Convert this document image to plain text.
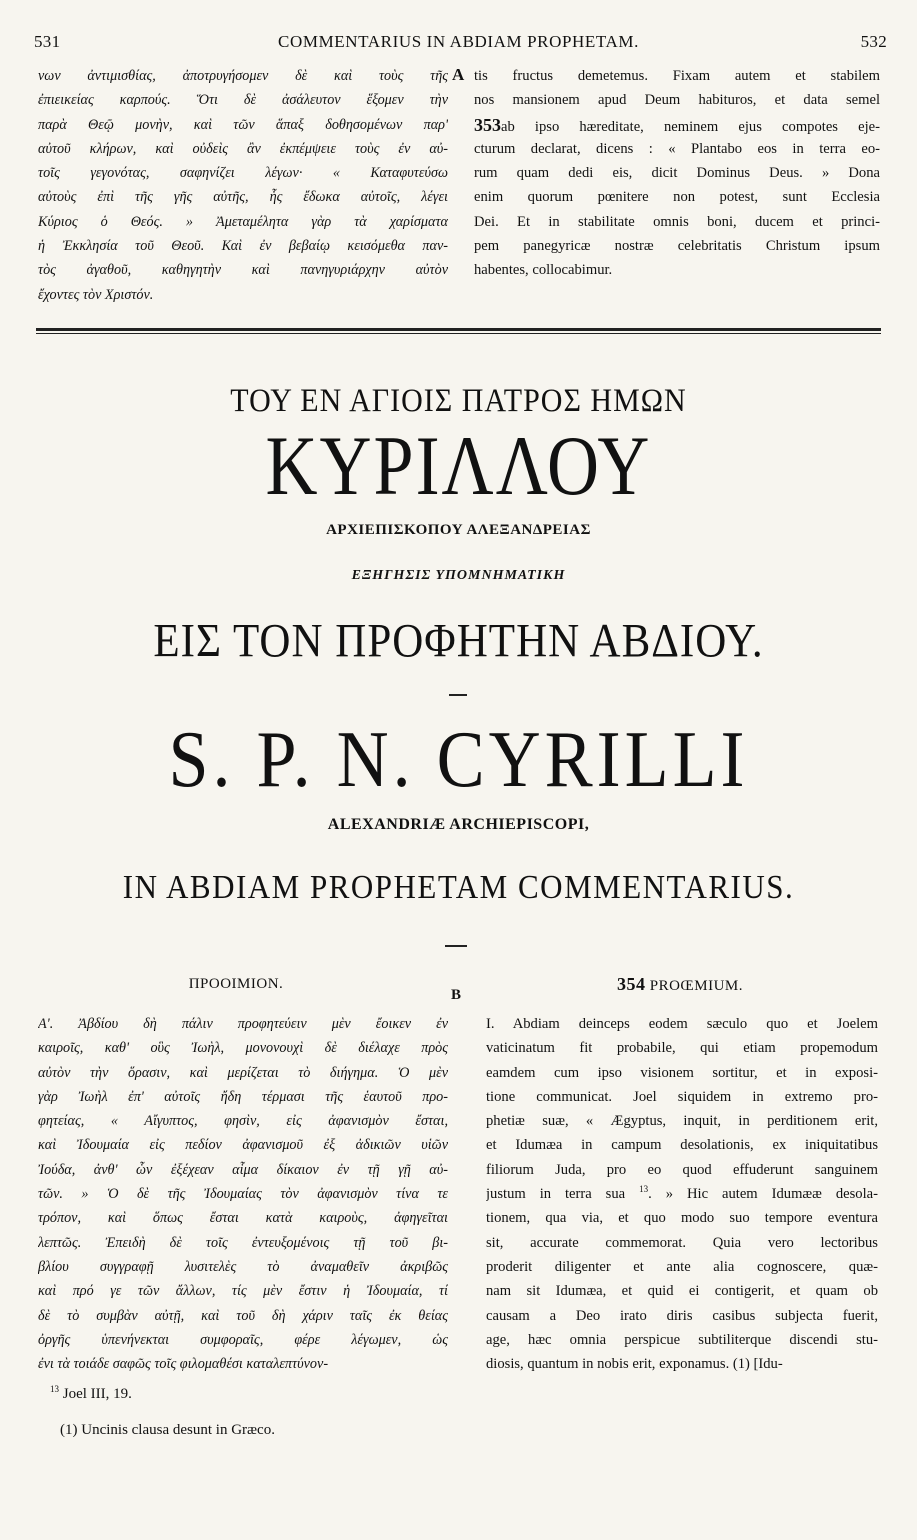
531	COMMENTARIUS IN ABDIAM PROPHETAM.	532
νων ἀντιμισθίας, ἀποτρυγήσομεν δὲ καὶ τοὺς τῆς
ἐπιεικείας καρπούς. Ὅτι δὲ ἀσάλευτον ἕξομεν τὴν
παρὰ Θεῷ μονὴν, καὶ τῶν ἅπαξ δοθησομένων παρ'
αὐτοῦ κλήρων, καὶ οὐδεὶς ἂν ἐκπέμψειε τοὺς ἐν αὐ-
τοῖς γεγονότας, σαφηνίζει λέγων· « Καταφυτεύσω
αὐτοὺς ἐπὶ τῆς γῆς αὐτῆς, ἧς ἔδωκα αὐτοῖς, λέγει
Κύριος ὁ Θεός. » Ἀμεταμέλητα γὰρ τὰ χαρίσματα
ἡ Ἐκκλησία τοῦ Θεοῦ. Καὶ ἐν βεβαίῳ κεισόμεθα παν-
τὸς ἀγαθοῦ, καθηγητὴν καὶ πανηγυριάρχην αὐτὸν
ἔχοντες τὸν Χριστόν.
A tis fructus demetemus. Fixam autem et stabilem
nos mansionem apud Deum habituros, et data semel
353ab ipso hæreditate, neminem ejus compotes eje-
cturum declarat, dicens : « Plantabo eos in terra eo-
rum quam dedi eis, dicit Dominus Deus. » Dona
enim quorum pœnitere non potest, sunt Ecclesia
Dei. Et in stabilitate omnis boni, ducem et princi-
pem panegyricæ nostræ celebritatis Christum ipsum
habentes, collocabimur.
ΤΟΥ ΕΝ ΑΓΙΟΙΣ ΠΑΤΡΟΣ ΗΜΩΝ
ΚΥΡΙΛΛΟΥ
ΑΡΧΙΕΠΙΣΚΟΠΟΥ ΑΛΕΞΑΝΔΡΕΙΑΣ
ΕΞΗΓΗΣΙΣ ΥΠΟΜΝΗΜΑΤΙΚΗ
ΕΙΣ ΤΟΝ ΠΡΟΦΗΤΗΝ ΑΒΔΙΟΥ.
S. P. N. CYRILLI
ALEXANDRIÆ ARCHIEPISCOPI,
IN ABDIAM PROPHETAM COMMENTARIUS.
ΠΡΟΟΙΜΙΟΝ.
B
354 PROŒMIUM.
Α'. Ἀβδίου δὴ πάλιν προφητεύειν μὲν ἔοικεν ἐν
καιροῖς, καθ' οὓς Ἰωὴλ, μονονουχὶ δὲ διέλαχε πρὸς
αὐτὸν τὴν ὅρασιν, καὶ μερίζεται τὸ διήγημα. Ὁ μὲν
γὰρ Ἰωὴλ ἐπ' αὐτοῖς ἤδη τέρμασι τῆς ἑαυτοῦ προ-
φητείας, « Αἴγυπτος, φησὶν, εἰς ἀφανισμὸν ἔσται,
καὶ Ἰδουμαία εἰς πεδίον ἀφανισμοῦ ἐξ ἀδικιῶν υἱῶν
Ἰούδα, ἀνθ' ὧν ἐξέχεαν αἷμα δίκαιον ἐν τῇ γῇ αὐ-
τῶν. » Ὁ δὲ τῆς Ἰδουμαίας τὸν ἀφανισμὸν τίνα τε
τρόπον, καὶ ὅπως ἔσται κατὰ καιροὺς, ἀφηγεῖται
λεπτῶς. Ἐπειδὴ δὲ τοῖς ἐντευξομένοις τῇ τοῦ βι-
βλίου συγγραφῇ λυσιτελὲς τὸ ἀναμαθεῖν ἀκριβῶς
καὶ πρό γε τῶν ἄλλων, τίς μὲν ἔστιν ἡ Ἰδουμαία, τί
δὲ τὸ συμβὰν αὐτῇ, καὶ τοῦ δὴ χάριν ταῖς ἐκ θείας
ὀργῆς ὑπενήνεκται συμφοραῖς, φέρε λέγωμεν, ὡς
ἐνι τὰ τοιάδε σαφῶς τοῖς φιλομαθέσι καταλεπτύνον-
I. Abdiam deinceps eodem sæculo quo et Joelem
vaticinatum fit probabile, qui etiam propemodum
eamdem cum ipso visionem sortitur, et in exposi-
tione communicat. Joel siquidem in extremo pro-
phetiæ suæ, « Ægyptus, inquit, in perditionem erit,
et Idumæa in campum desolationis, ex iniquitatibus
filiorum Juda, pro eo quod effuderunt sanguinem
justum in terra sua $^{13}$. » Hic autem Idumææ desola-
tionem, qua via, et quo modo suo tempore eventura
sit, accurate commemorat. Quia vero lectoribus
proderit diligenter et ante alia cognoscere, quæ-
nam sit Idumæa, et quid ei contigerit, et quam ob
causam a Deo irato diris casibus subjecta fuerit,
age, hæc omnia perspicue subtiliterque discendi stu-
diosis, quantum in nobis erit, exponamus. (1) [Idu-
$^{13}$ Joel III, 19.
(1) Uncinis clausa desunt in Græco.
